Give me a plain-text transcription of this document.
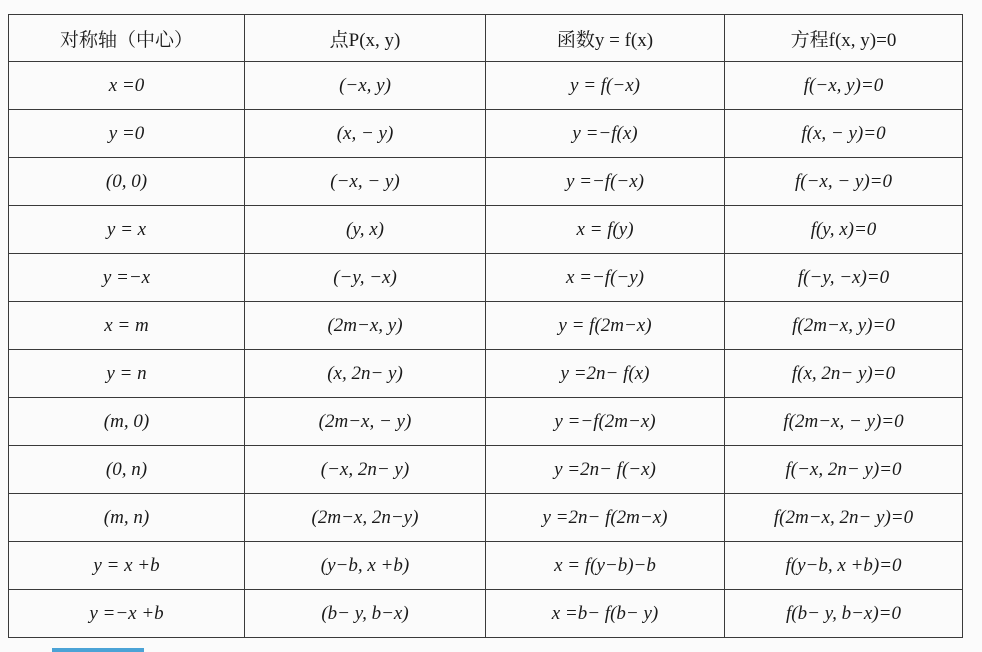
对称轴（中心）	点P(x, y)	函数y = f(x)	方程f(x, y)=0
x =0	(−x, y)	y = f(−x)	f(−x, y)=0
y =0	(x, − y)	y =−f(x)	f(x, − y)=0
(0, 0)	(−x, − y)	y =−f(−x)	f(−x, − y)=0
y = x	(y, x)	x = f(y)	f(y, x)=0
y =−x	(−y, −x)	x =−f(−y)	f(−y, −x)=0
x = m	(2m−x, y)	y = f(2m−x)	f(2m−x, y)=0
y = n	(x, 2n− y)	y =2n− f(x)	f(x, 2n− y)=0
(m, 0)	(2m−x, − y)	y =−f(2m−x)	f(2m−x, − y)=0
(0, n)	(−x, 2n− y)	y =2n− f(−x)	f(−x, 2n− y)=0
(m, n)	(2m−x, 2n−y)	y =2n− f(2m−x)	f(2m−x, 2n− y)=0
y = x +b	(y−b, x +b)	x = f(y−b)−b	f(y−b, x +b)=0
y =−x +b	(b− y, b−x)	x =b− f(b− y)	f(b− y, b−x)=0
